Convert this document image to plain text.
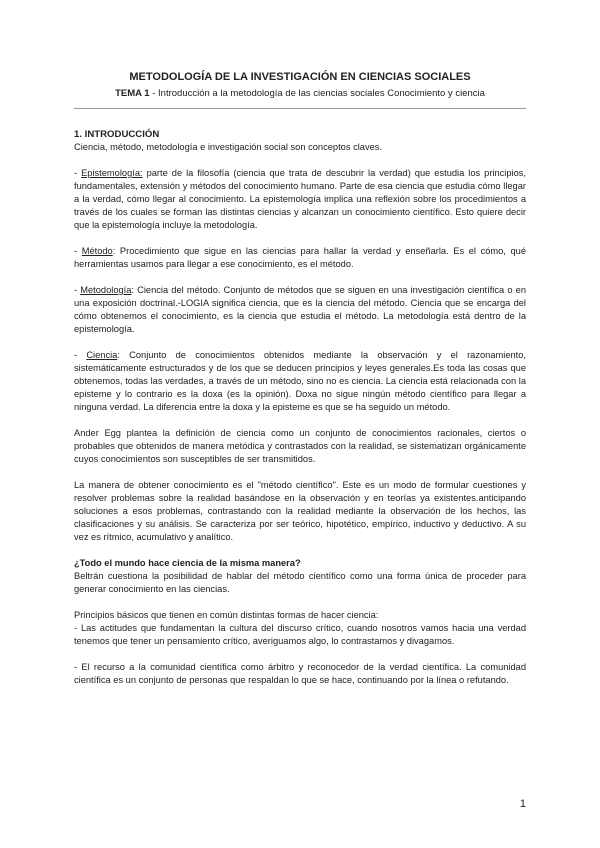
METODOLOGÍA DE LA INVESTIGACIÓN EN CIENCIAS SOCIALES

TEMA 1 - Introducción a la metodología de las ciencias sociales Conocimiento y ciencia

1. INTRODUCCIÓN

Ciencia, método, metodología e investigación social son conceptos claves.

- Epistemología: parte de la filosofía (ciencia que trata de descubrir la verdad) que estudia los principios, fundamentales, extensión y métodos del conocimiento humano. Parte de esa ciencia que estudia cómo llegar a la verdad, cómo llegar al conocimiento. La epistemología implica una reflexión sobre los procedimientos a través de los cuales se forman las distintas ciencias y alcanzan un conocimiento científico. Esto quiere decir que la epistemología incluye la metodología.

- Método: Procedimiento que sigue en las ciencias para hallar la verdad y enseñarla. Es el cómo, qué herramientas usamos para llegar a ese conocimiento, es el método.

- Metodología: Ciencia del método. Conjunto de métodos que se siguen en una investigación científica o en una exposición doctrinal.-LOGIA significa ciencia, que es la ciencia del método. Ciencia que se encarga del cómo obtenemos el conocimiento, es la ciencia que estudia el método. La metodología está dentro de la epistemología.

- Ciencia: Conjunto de conocimientos obtenidos mediante la observación y el razonamiento, sistemáticamente estructurados y de los que se deducen principios y leyes generales.Es toda las cosas que obtenemos, todas las verdades, a través de un método, sino no es ciencia. La ciencia está relacionada con la episteme y lo contrario es la doxa (es la opinión). Doxa no sigue ningún método científico para llegar a ninguna verdad. La diferencia entre la doxa y la episteme es que se ha seguido un método.

Ander Egg plantea la definición de ciencia como un conjunto de conocimientos racionales, ciertos o probables que obtenidos de manera metódica y contrastados con la realidad, se sistematizan orgánicamente cuyos conocimientos son susceptibles de ser transmitidos.

La manera de obtener conocimiento es el "método científico". Este es un modo de formular cuestiones y resolver problemas sobre la realidad basándose en la observación y en teorías ya existentes.anticipando soluciones a esos problemas, contrastando con la realidad mediante la observación de los hechos, las clasificaciones y su análisis. Se caracteriza por ser teórico, hipotético, empírico, inductivo y deductivo. A su vez es rítmico, acumulativo y analítico.

¿Todo el mundo hace ciencia de la misma manera?

Beltrán cuestiona la posibilidad de hablar del método científico como una forma única de proceder para generar conocimiento en las ciencias.

Principios básicos que tienen en común distintas formas de hacer ciencia:

- Las actitudes que fundamentan la cultura del discurso crítico, cuando nosotros vamos hacia una verdad tenemos que tener un pensamiento crítico, averiguamos algo, lo contrastamos y divagamos.

- El recurso a la comunidad científica como árbitro y reconocedor de la verdad científica. La comunidad científica es un conjunto de personas que respaldan lo que se hace, continuando por la línea o refutando.

1
